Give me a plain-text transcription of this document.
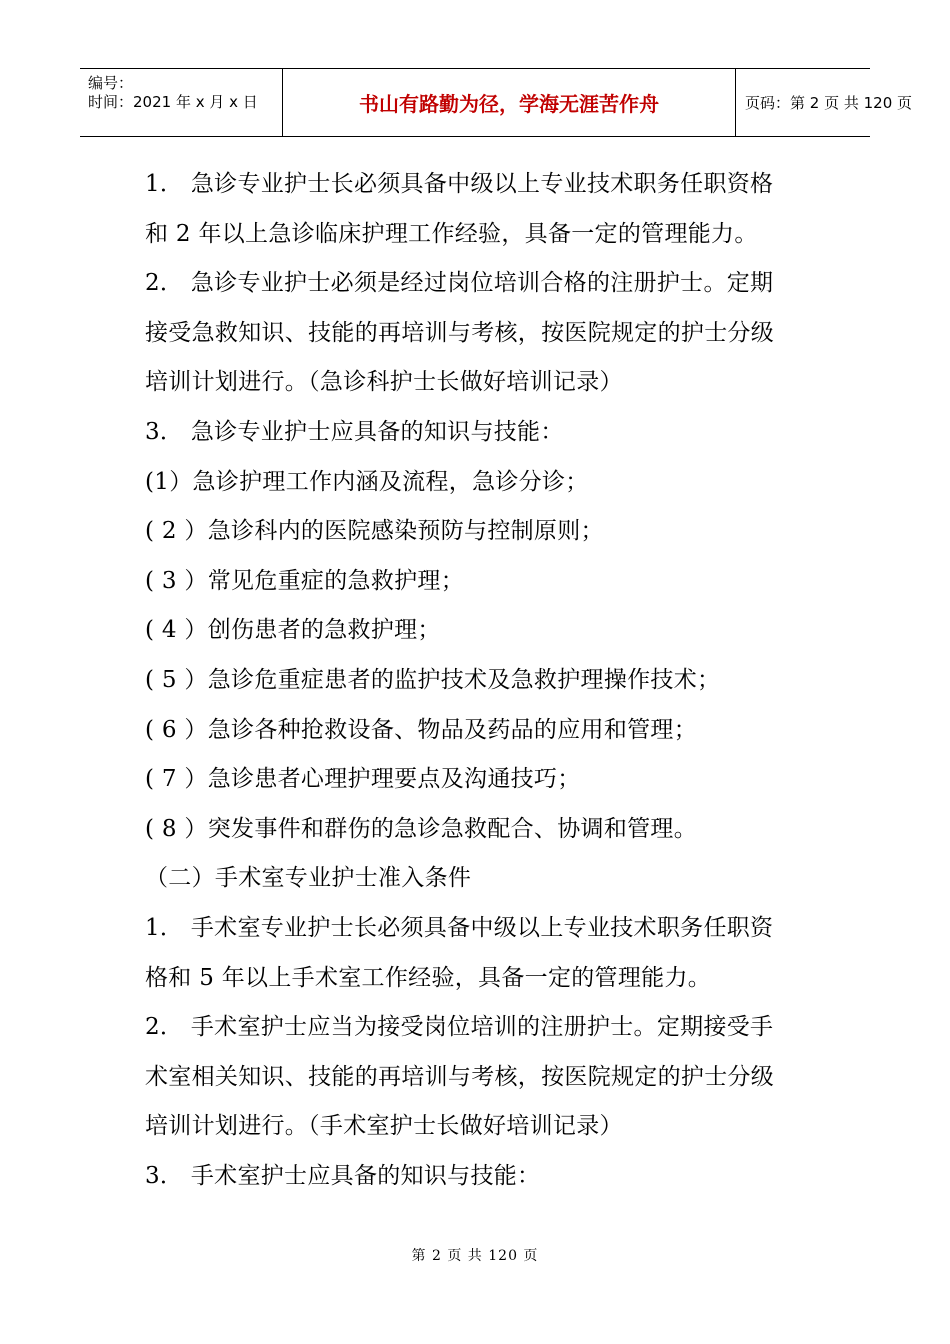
编号：
时间：2021 年 x 月 x 日	书山有路勤为径，学海无涯苦作舟	页码：第 2 页 共 120 页
1． 急诊专业护士长必须具备中级以上专业技术职务任职资格
和 2 年以上急诊临床护理工作经验，具备一定的管理能力。
2． 急诊专业护士必须是经过岗位培训合格的注册护士。定期
接受急救知识、技能的再培训与考核，按医院规定的护士分级
培训计划进行。（急诊科护士长做好培训记录）
3． 急诊专业护士应具备的知识与技能：
(1）急诊护理工作内涵及流程，急诊分诊；
( 2 ）急诊科内的医院感染预防与控制原则；
( 3 ）常见危重症的急救护理；
( 4 ）创伤患者的急救护理；
( 5 ）急诊危重症患者的监护技术及急救护理操作技术；
( 6 ）急诊各种抢救设备、物品及药品的应用和管理；
( 7 ）急诊患者心理护理要点及沟通技巧；
( 8 ）突发事件和群伤的急诊急救配合、协调和管理。
（二）手术室专业护士准入条件
1． 手术室专业护士长必须具备中级以上专业技术职务任职资
格和 5 年以上手术室工作经验，具备一定的管理能力。
2． 手术室护士应当为接受岗位培训的注册护士。定期接受手
术室相关知识、技能的再培训与考核，按医院规定的护士分级
培训计划进行。（手术室护士长做好培训记录）
3． 手术室护士应具备的知识与技能：
第 2 页 共 120 页
